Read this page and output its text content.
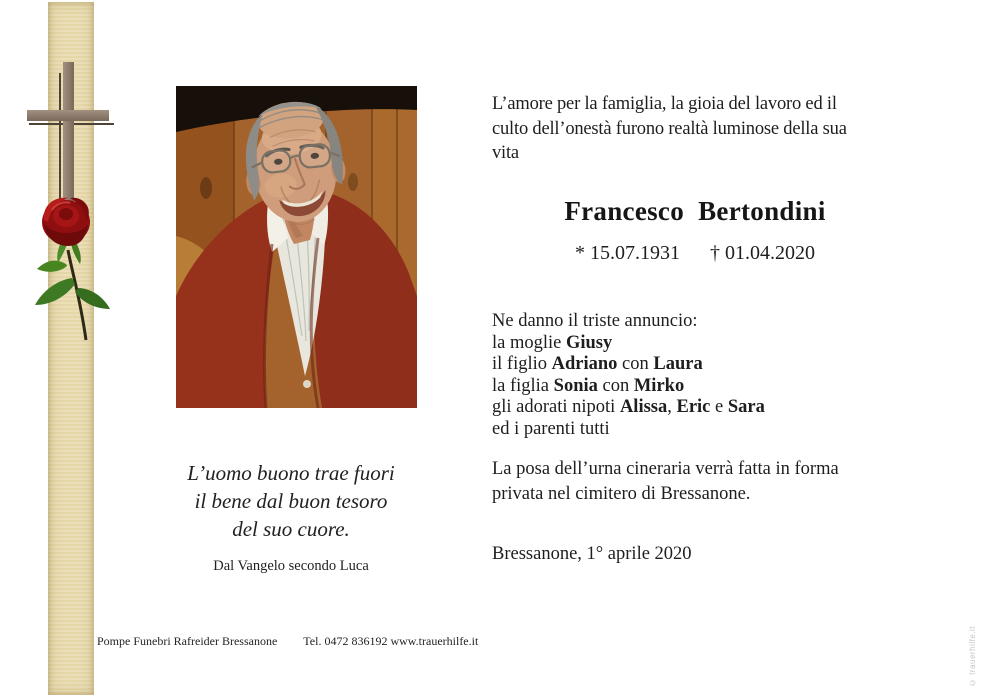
L’uomo buono trae fuori
il bene dal buon tesoro
del suo cuore.
Dal Vangelo secondo Luca
L’amore per la famiglia, la gioia del lavoro ed il
culto dell’onestà furono realtà luminose della sua
vita
Francesco  Bertondini
* 15.07.1931 † 01.04.2020
Ne danno il triste annuncio:
la moglie Giusy
il figlio Adriano con Laura
la figlia Sonia con Mirko
gli adorati nipoti Alissa, Eric e Sara
ed i parenti tutti
La posa dell’urna cineraria verrà fatta in forma
privata nel cimitero di Bressanone.
Bressanone, 1° aprile 2020
Pompe Funebri Rafreider Bressanone Tel. 0472 836192 www.trauerhilfe.it	© trauerhilfe.it
